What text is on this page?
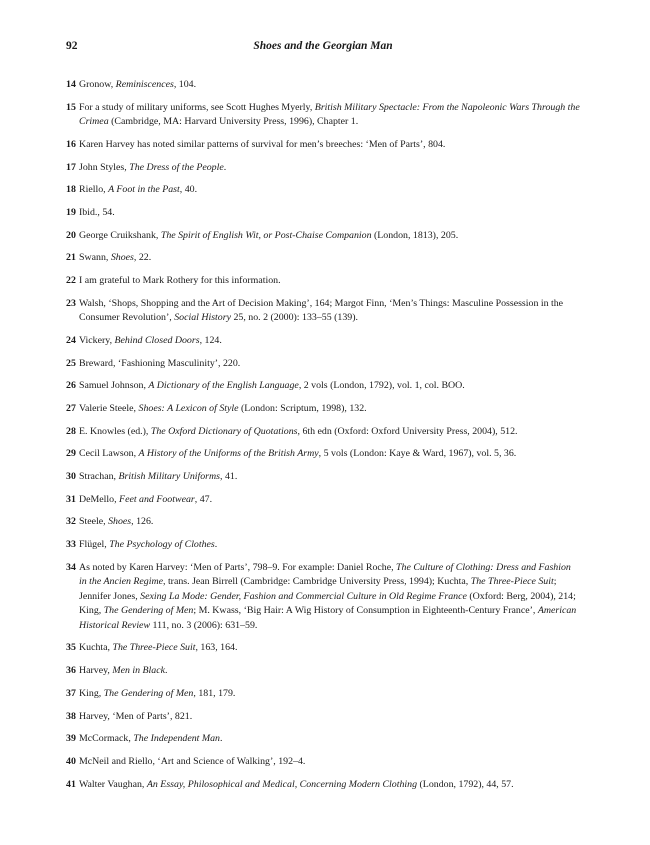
92	Shoes and the Georgian Man
14 Gronow, Reminiscences, 104.
15 For a study of military uniforms, see Scott Hughes Myerly, British Military Spectacle: From the Napoleonic Wars Through the Crimea (Cambridge, MA: Harvard University Press, 1996), Chapter 1.
16 Karen Harvey has noted similar patterns of survival for men’s breeches: ‘Men of Parts’, 804.
17 John Styles, The Dress of the People.
18 Riello, A Foot in the Past, 40.
19 Ibid., 54.
20 George Cruikshank, The Spirit of English Wit, or Post-Chaise Companion (London, 1813), 205.
21 Swann, Shoes, 22.
22 I am grateful to Mark Rothery for this information.
23 Walsh, ‘Shops, Shopping and the Art of Decision Making’, 164; Margot Finn, ‘Men’s Things: Masculine Possession in the Consumer Revolution’, Social History 25, no. 2 (2000): 133–55 (139).
24 Vickery, Behind Closed Doors, 124.
25 Breward, ‘Fashioning Masculinity’, 220.
26 Samuel Johnson, A Dictionary of the English Language, 2 vols (London, 1792), vol. 1, col. BOO.
27 Valerie Steele, Shoes: A Lexicon of Style (London: Scriptum, 1998), 132.
28 E. Knowles (ed.), The Oxford Dictionary of Quotations, 6th edn (Oxford: Oxford University Press, 2004), 512.
29 Cecil Lawson, A History of the Uniforms of the British Army, 5 vols (London: Kaye & Ward, 1967), vol. 5, 36.
30 Strachan, British Military Uniforms, 41.
31 DeMello, Feet and Footwear, 47.
32 Steele, Shoes, 126.
33 Flügel, The Psychology of Clothes.
34 As noted by Karen Harvey: ‘Men of Parts’, 798–9. For example: Daniel Roche, The Culture of Clothing: Dress and Fashion in the Ancien Regime, trans. Jean Birrell (Cambridge: Cambridge University Press, 1994); Kuchta, The Three-Piece Suit; Jennifer Jones, Sexing La Mode: Gender, Fashion and Commercial Culture in Old Regime France (Oxford: Berg, 2004), 214; King, The Gendering of Men; M. Kwass, ‘Big Hair: A Wig History of Consumption in Eighteenth-Century France’, American Historical Review 111, no. 3 (2006): 631–59.
35 Kuchta, The Three-Piece Suit, 163, 164.
36 Harvey, Men in Black.
37 King, The Gendering of Men, 181, 179.
38 Harvey, ‘Men of Parts’, 821.
39 McCormack, The Independent Man.
40 McNeil and Riello, ‘Art and Science of Walking’, 192–4.
41 Walter Vaughan, An Essay, Philosophical and Medical, Concerning Modern Clothing (London, 1792), 44, 57.
